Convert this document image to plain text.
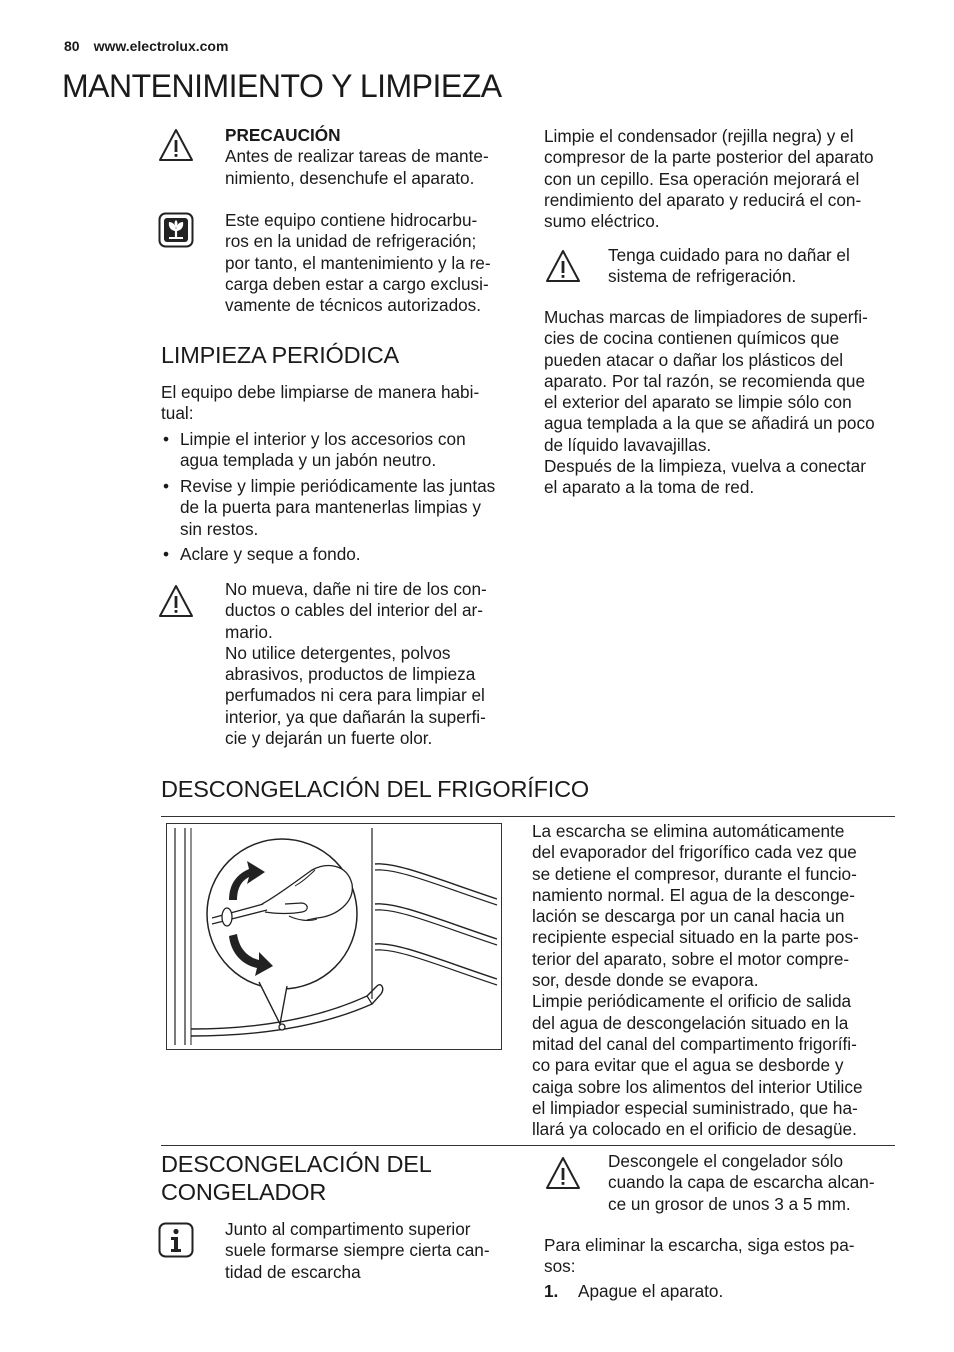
80 www.electrolux.com
MANTENIMIENTO Y LIMPIEZA

PRECAUCIÓN

Antes de realizar tareas de mante-

nimiento, desenchufe el aparato.

Este equipo contiene hidrocarbu-

ros en la unidad de refrigeración;

por tanto, el mantenimiento y la re-

carga deben estar a cargo exclusi-

vamente de técnicos autorizados.

LIMPIEZA PERIÓDICA

El equipo debe limpiarse de manera habi-

tual:

• Limpie el interior y los accesorios con
agua templada y un jabón neutro.
• Revise y limpie periódicamente las juntas
de la puerta para mantenerlas limpias y
sin restos.
• Aclare y seque a fondo.

No mueva, dañe ni tire de los con-

ductos o cables del interior del ar-

mario.

No utilice detergentes, polvos

abrasivos, productos de limpieza

perfumados ni cera para limpiar el

interior, ya que dañarán la superfi-

cie y dejarán un fuerte olor.

Limpie el condensador (rejilla negra) y el

compresor de la parte posterior del aparato

con un cepillo. Esa operación mejorará el

rendimiento del aparato y reducirá el con-

sumo eléctrico.

Tenga cuidado para no dañar el

sistema de refrigeración.

Muchas marcas de limpiadores de superfi-

cies de cocina contienen químicos que

pueden atacar o dañar los plásticos del

aparato. Por tal razón, se recomienda que

el exterior del aparato se limpie sólo con

agua templada a la que se añadirá un poco

de líquido lavavajillas.

Después de la limpieza, vuelva a conectar

el aparato a la toma de red.

DESCONGELACIÓN DEL FRIGORÍFICO

La escarcha se elimina automáticamente

del evaporador del frigorífico cada vez que

se detiene el compresor, durante el funcio-

namiento normal. El agua de la desconge-

lación se descarga por un canal hacia un

recipiente especial situado en la parte pos-

terior del aparato, sobre el motor compre-

sor, desde donde se evapora.

Limpie periódicamente el orificio de salida

del agua de descongelación situado en la

mitad del canal del compartimento frigorífi-

co para evitar que el agua se desborde y

caiga sobre los alimentos del interior Utilice

el limpiador especial suministrado, que ha-

llará ya colocado en el orificio de desagüe.

DESCONGELACIÓN DEL
CONGELADOR

Junto al compartimento superior

suele formarse siempre cierta can-

tidad de escarcha

Descongele el congelador sólo

cuando la capa de escarcha alcan-

ce un grosor de unos 3 a 5 mm.

Para eliminar la escarcha, siga estos pa-

sos:

1. Apague el aparato.
